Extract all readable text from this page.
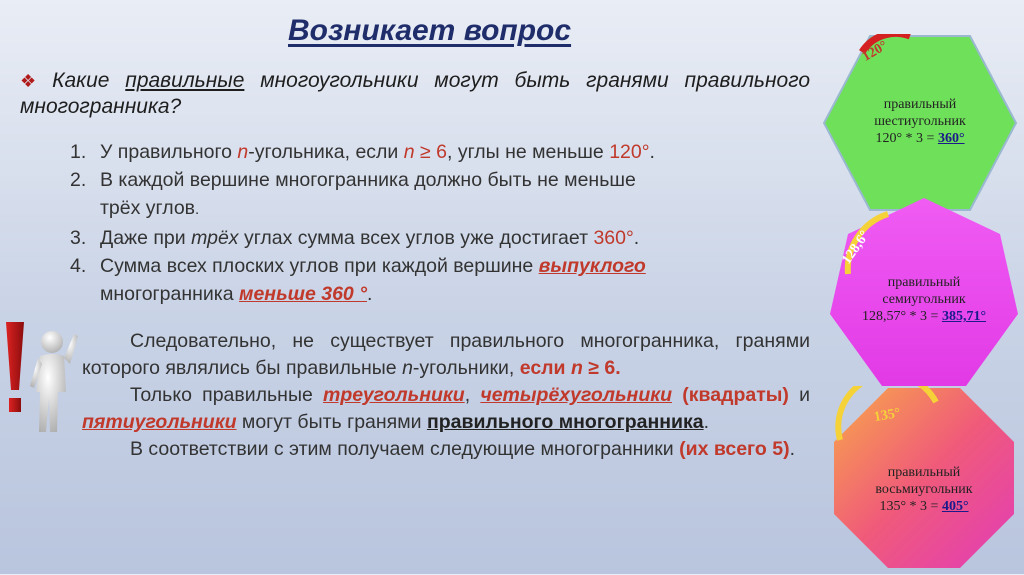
Возникает вопрос
❖ Какие правильные многоугольники могут быть гранями правильного многогранника?
1. У правильного n-угольника, если n ≥ 6, углы не меньше 120°.
2. В каждой вершине многогранника должно быть не меньше
трёх углов.
3. Даже при трёх углах сумма всех углов уже достигает 360°.
4. Сумма всех плоских углов при каждой вершине выпуклого
многогранника меньше 360 °.

Следовательно, не существует правильного многогранника, гранями которого являлись бы правильные n-угольники, если n ≥ 6.

Только правильные треугольники, четырёхугольники (квадраты) и пятиугольники могут быть гранями правильного многогранника.

В соответствии с этим получаем следующие многогранники (их всего 5).

120°
правильный
шестиугольник
120° * 3 = 360°
128,6°
правильный
семиугольник
128,57° * 3 = 385,71°
135°
правильный
восьмиугольник
135° * 3 = 405°
